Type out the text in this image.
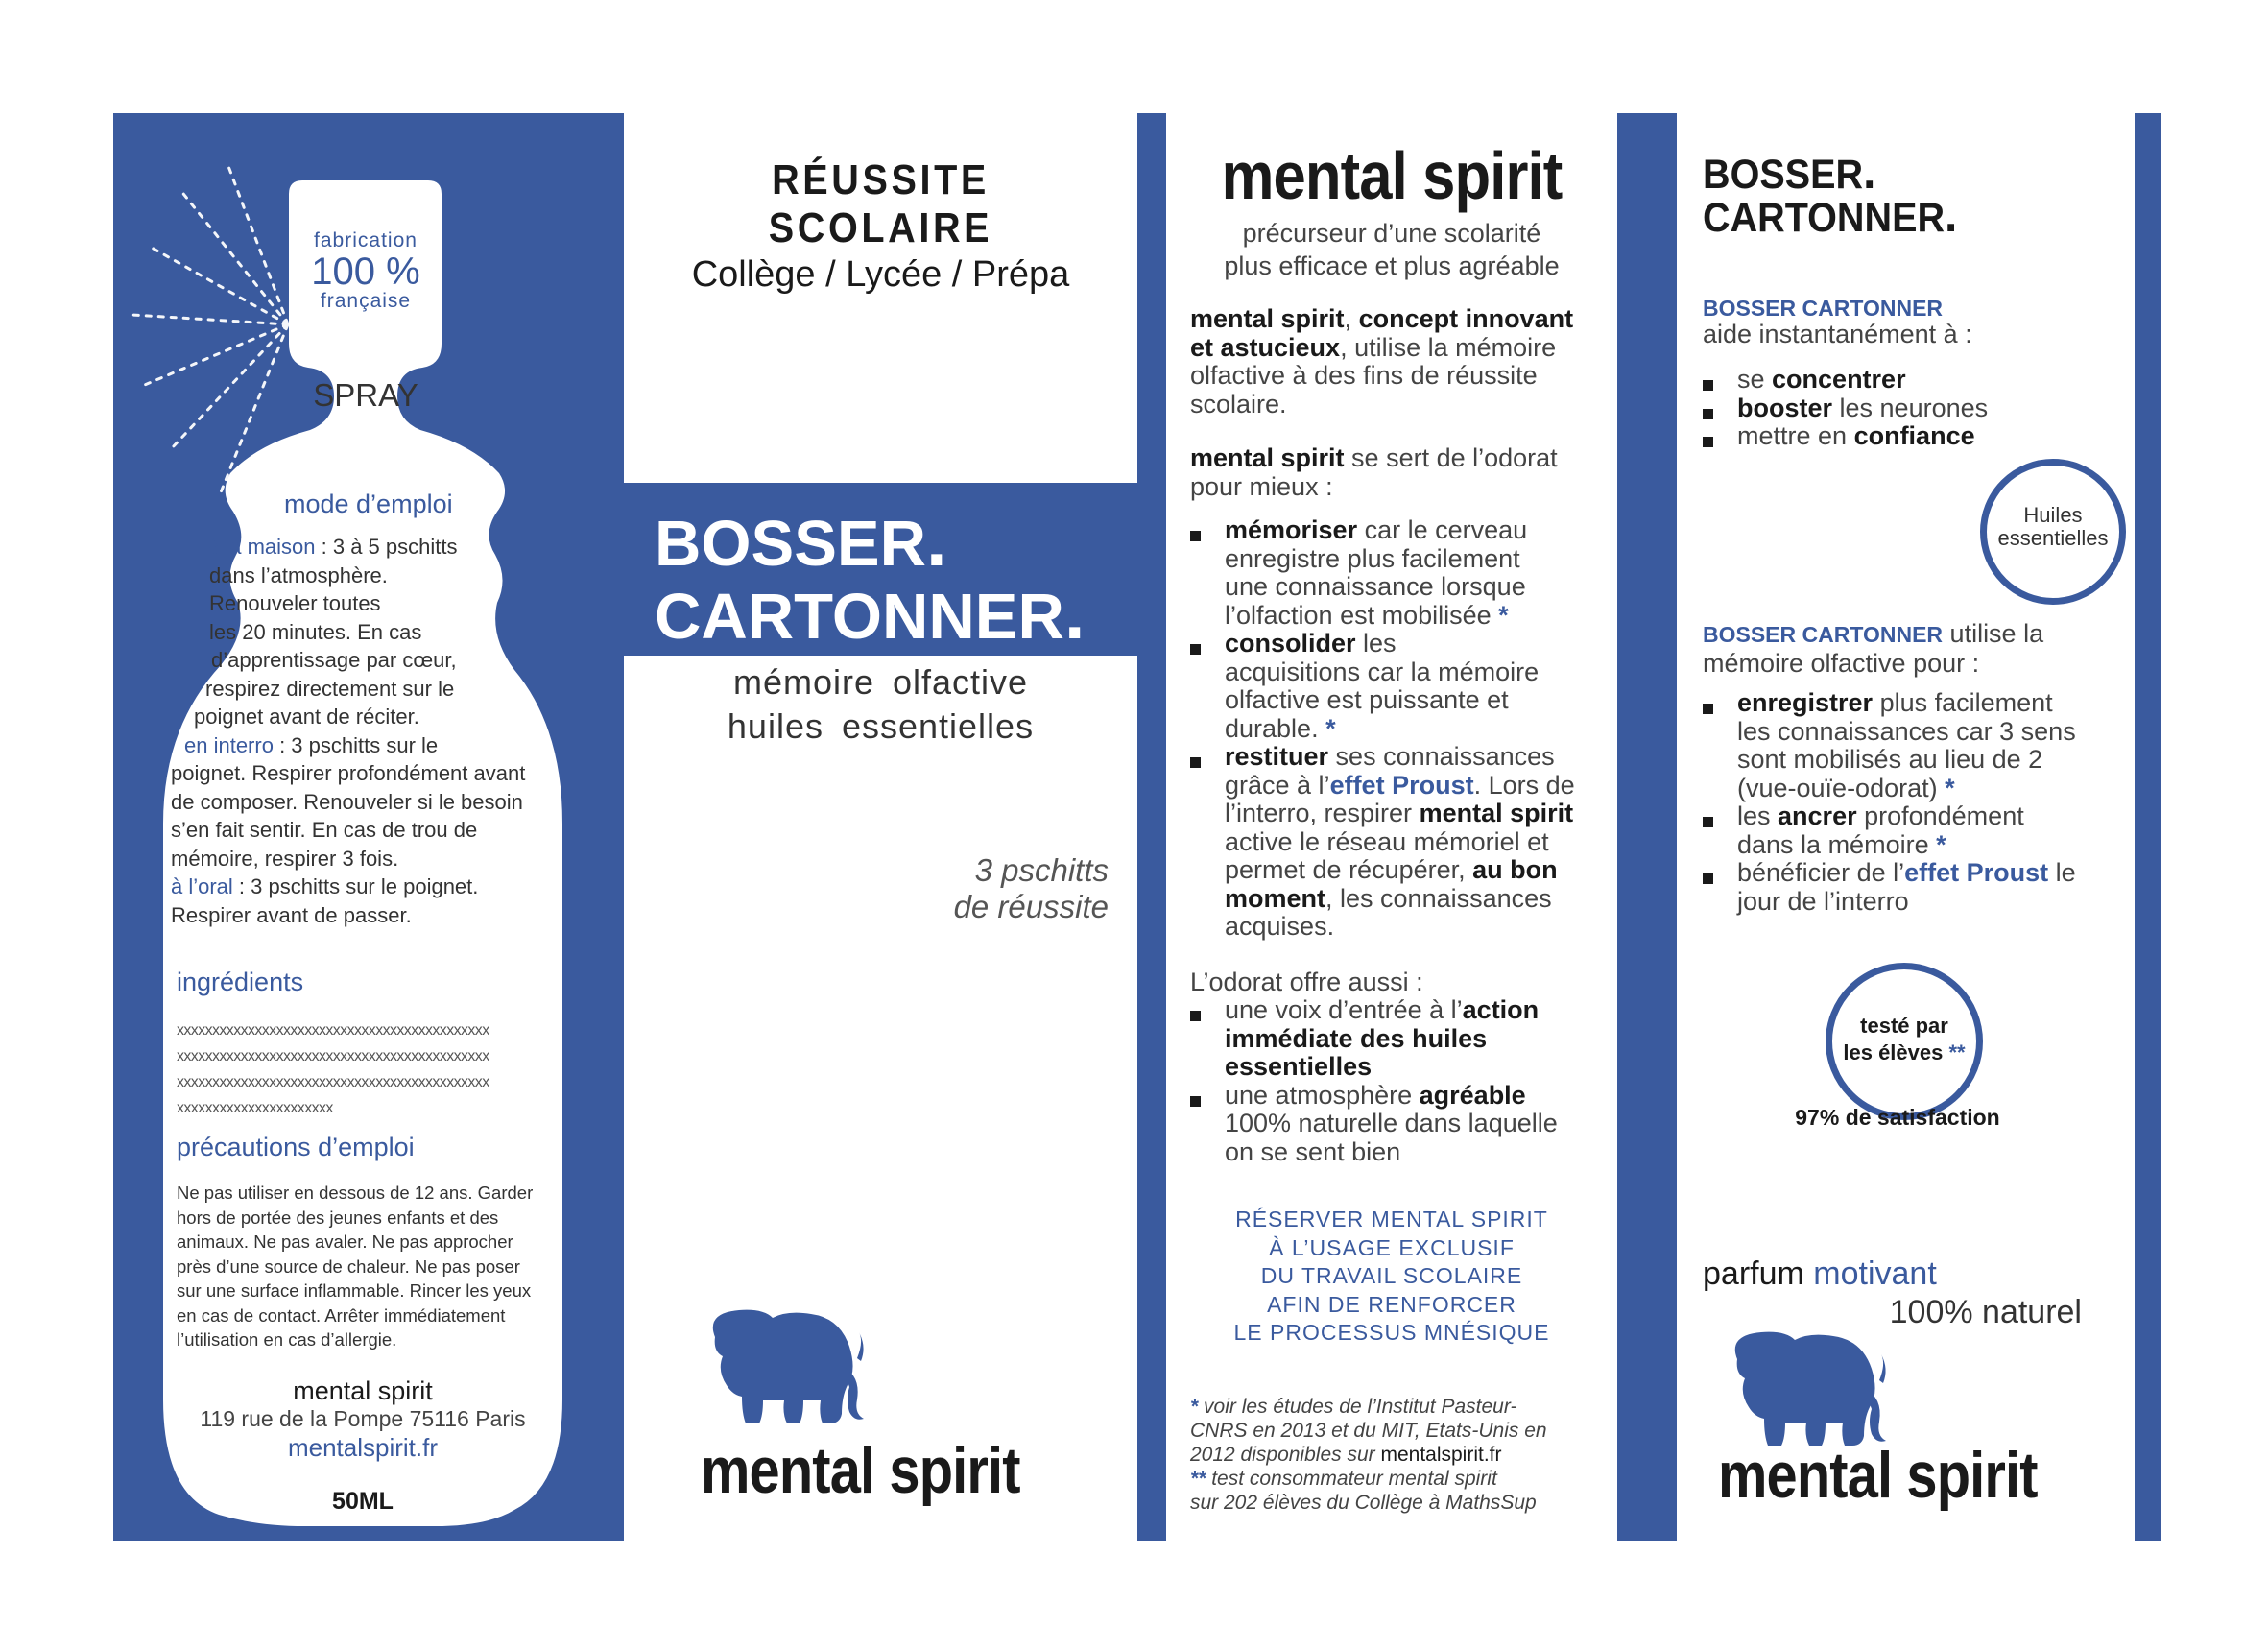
fabrication
100 %
française
SPRAY
mode d’emploi
à la maison : 3 à 5 pschitts
dans l’atmosphère.
Renouveler toutes
les 20 minutes. En cas
d’apprentissage par cœur,
respirez directement sur le
poignet avant de réciter.
en interro : 3 pschitts sur le
poignet. Respirer profondément avant
de composer. Renouveler si le besoin
s’en fait sentir. En cas de trou de
mémoire, respirer 3 fois.
à l’oral : 3 pschitts sur le poignet.
Respirer avant de passer.
ingrédients
xxxxxxxxxxxxxxxxxxxxxxxxxxxxxxxxxxxxxxxxxxxx
xxxxxxxxxxxxxxxxxxxxxxxxxxxxxxxxxxxxxxxxxxxx
xxxxxxxxxxxxxxxxxxxxxxxxxxxxxxxxxxxxxxxxxxxx
xxxxxxxxxxxxxxxxxxxxxx
précautions d’emploi
Ne pas utiliser en dessous de 12 ans. Garder
hors de portée des jeunes enfants et des
animaux. Ne pas avaler. Ne pas approcher
près d’une source de chaleur. Ne pas poser
sur une surface inflammable. Rincer les yeux
en cas de contact. Arrêter immédiatement
l’utilisation en cas d’allergie.
mental spirit
119 rue de la Pompe 75116 Paris
mentalspirit.fr
50ML
RÉUSSITE SCOLAIRE
Collège / Lycée / Prépa
BOSSER.
CARTONNER.
mémoire olfactive
huiles essentielles
3 pschitts
de réussite
mental spirit
mental spirit
précurseur d’une scolarité
plus efficace et plus agréable
mental spirit, concept innovant
et astucieux, utilise la mémoire
olfactive à des fins de réussite
scolaire.
mental spirit se sert de l’odorat
pour mieux :
mémoriser car le cerveau
enregistre plus facilement
une connaissance lorsque
l’olfaction est mobilisée *
consolider les
acquisitions car la mémoire
olfactive est puissante et
durable. *
restituer ses connaissances
grâce à l’effet Proust. Lors de
l’interro, respirer mental spirit
active le réseau mémoriel et
permet de récupérer, au bon
moment, les connaissances
acquises.
L’odorat offre aussi :
une voix d’entrée à l’action
immédiate des huiles
essentielles
une atmosphère agréable
100% naturelle dans laquelle
on se sent bien
RÉSERVER MENTAL SPIRIT
À L’USAGE EXCLUSIF
DU TRAVAIL SCOLAIRE
AFIN DE RENFORCER
LE PROCESSUS MNÉSIQUE
* voir les études de l’Institut Pasteur-
CNRS en 2013 et du MIT, Etats-Unis en
2012 disponibles sur mentalspirit.fr
** test consommateur mental spirit
sur 202 élèves du Collège à MathsSup
BOSSER.
CARTONNER.
BOSSER CARTONNER
aide instantanément à :
se concentrer
booster les neurones
mettre en confiance
Huiles
essentielles
BOSSER CARTONNER utilise la
mémoire olfactive pour :
enregistrer plus facilement
les connaissances car 3 sens
sont mobilisés au lieu de 2
(vue-ouïe-odorat) *
les ancrer profondément
dans la mémoire *
bénéficier de l’effet Proust le
jour de l’interro
testé par
les élèves **
97% de satisfaction
parfum motivant
100% naturel
mental spirit
